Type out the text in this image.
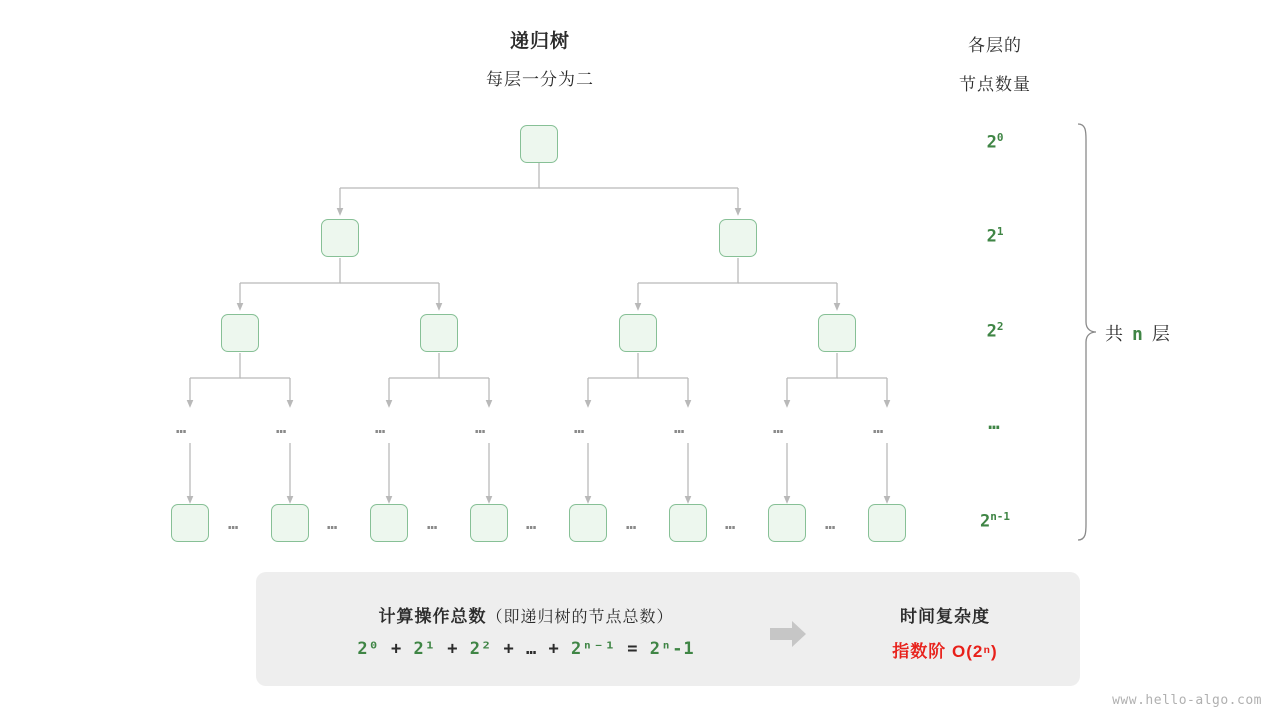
递归树
每层一分为二
各层的
节点数量
…	…	…	…	…	…	…	…
…	…	…	…	…	…	…
$2^0$
$2^1$
$2^2$
…
2$^{n-1}$
共 n 层
计算操作总数（即递归树的节点总数）
2⁰ + 2¹ + 2² + … + 2ⁿ⁻¹ = 2ⁿ-1
时间复杂度
指数阶 O(2ⁿ)
www.hello-algo.com
